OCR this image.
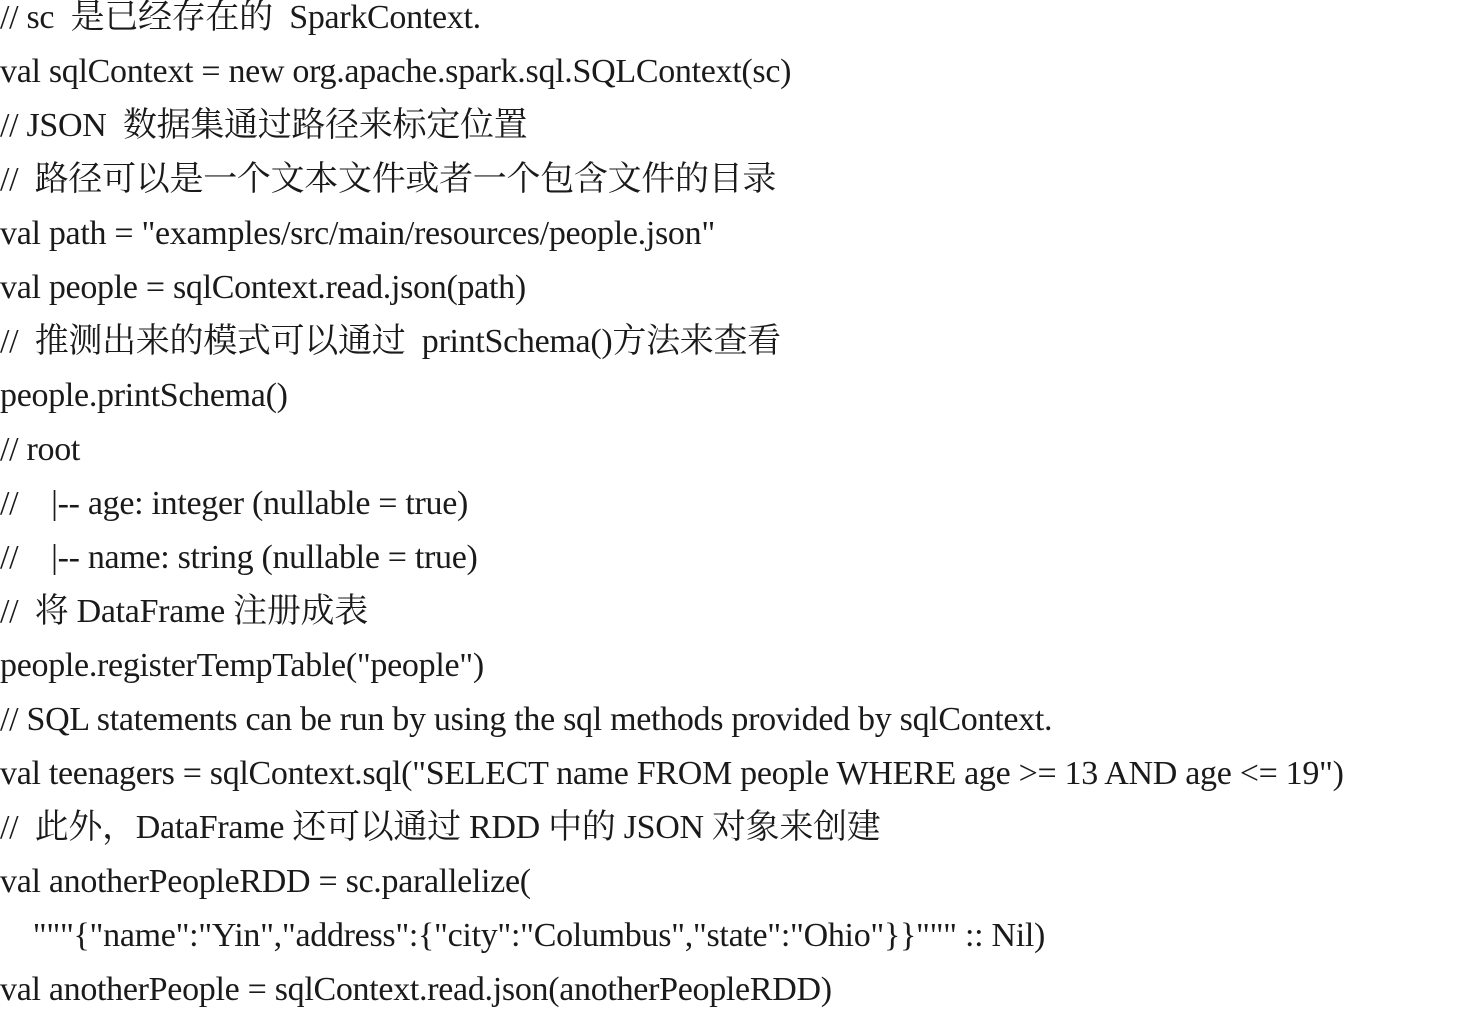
// sc  是已经存在的  SparkContext.
val sqlContext = new org.apache.spark.sql.SQLContext(sc)
// JSON  数据集通过路径来标定位置
//  路径可以是一个文本文件或者一个包含文件的目录
val path = "examples/src/main/resources/people.json"
val people = sqlContext.read.json(path)
//  推测出来的模式可以通过  printSchema()方法来查看
people.printSchema()
// root
//    |-- age: integer (nullable = true)
//    |-- name: string (nullable = true)
//  将 DataFrame 注册成表
people.registerTempTable("people")
// SQL statements can be run by using the sql methods provided by sqlContext.
val teenagers = sqlContext.sql("SELECT name FROM people WHERE age >= 13 AND age <= 19")
//  此外，DataFrame 还可以通过 RDD 中的 JSON 对象来创建
val anotherPeopleRDD = sc.parallelize(
"""{"name":"Yin","address":{"city":"Columbus","state":"Ohio"}}""" :: Nil)
val anotherPeople = sqlContext.read.json(anotherPeopleRDD)
